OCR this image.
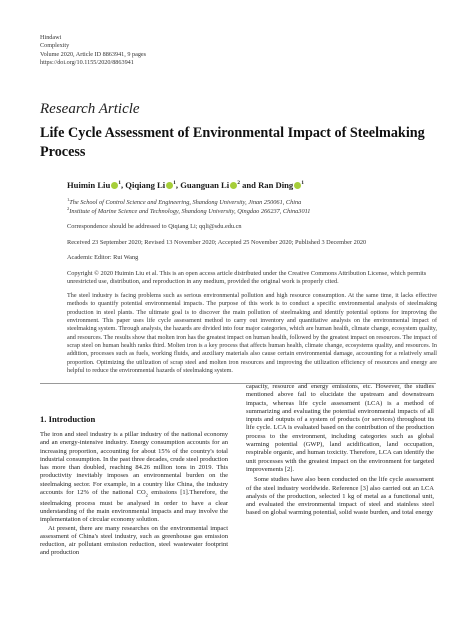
Hindawi
Complexity
Volume 2020, Article ID 8863941, 9 pages
https://doi.org/10.1155/2020/8863941
Research Article
Life Cycle Assessment of Environmental Impact of Steelmaking Process
Huimin Liu $^1$, Qiqiang Li $^1$, Guanguan Li $^2$ and Ran Ding $^1$
$^1$The School of Control Science and Engineering, Shandong University, Jinan 250061, China
$^2$Institute of Marine Science and Technology, Shandong University, Qingdao 266237, China3011
Correspondence should be addressed to Qiqiang Li; qqli@sdu.edu.cn
Received 23 September 2020; Revised 13 November 2020; Accepted 25 November 2020; Published 3 December 2020
Academic Editor: Rui Wang
Copyright © 2020 Huimin Liu et al. This is an open access article distributed under the Creative Commons Attribution License, which permits unrestricted use, distribution, and reproduction in any medium, provided the original work is properly cited.
The steel industry is facing problems such as serious environmental pollution and high resource consumption. At the same time, it lacks effective methods to quantify potential environmental impacts. The purpose of this work is to conduct a specific environmental analysis of steelmaking production in steel plants. The ultimate goal is to discover the main pollution of steelmaking and identify potential options for improving the environment. This paper uses life cycle assessment method to carry out inventory and quantitative analysis on the environmental impact of steelmaking system. Through analysis, the hazards are divided into four major categories, which are human health, climate change, ecosystem quality, and resources. The results show that molten iron has the greatest impact on human health, followed by the greatest impact on resources. The impact of scrap steel on human health ranks third. Molten iron is a key process that affects human health, climate change, ecosystems quality, and resources. In addition, processes such as fuels, working fluids, and auxiliary materials also cause certain environmental damage, accounting for a relatively small proportion. Optimizing the utilization of scrap steel and molten iron resources and improving the utilization efficiency of resources and energy are helpful to reduce the environmental hazards of steelmaking system.
1. Introduction

The iron and steel industry is a pillar industry of the national economy and an energy-intensive industry. Energy consumption accounts for an increasing proportion, accounting for about 15% of the country's total industrial consumption. In the past three decades, crude steel production has more than doubled, reaching 84.26 million tons in 2019. This productivity inevitably imposes an environmental burden on the steelmaking sector. For example, in a country like China, the industry accounts for 12% of the national $CO_2$ emissions [1].Therefore, the steelmaking process must be analysed in order to have a clear understanding of the main environmental impacts and may involve the implementation of circular economy solution.

At present, there are many researches on the environmental impact assessment of China's steel industry, such as greenhouse gas emission reduction, air pollutant emission reduction, steel wastewater footprint and production

capacity, resource and energy emissions, etc. However, the studies mentioned above fail to elucidate the upstream and downstream impacts, whereas life cycle assessment (LCA) is a method of summarizing and evaluating the potential environmental impacts of all inputs and outputs of a system of products (or services) throughout its life cycle. LCA is evaluated based on the contribution of the production process to the environment, including categories such as global warming potential (GWP), land acidification, land occupation, respirable organic, and human toxicity. Therefore, LCA can identify the unit processes with the greatest impact on the environment for targeted improvements [2].

Some studies have also been conducted on the life cycle assessment of the steel industry worldwide. Reference [3] also carried out an LCA analysis of the production, selected 1 kg of metal as a functional unit, and evaluated the environmental impact of steel and stainless steel based on global warming potential, solid waste burden, and total energy
